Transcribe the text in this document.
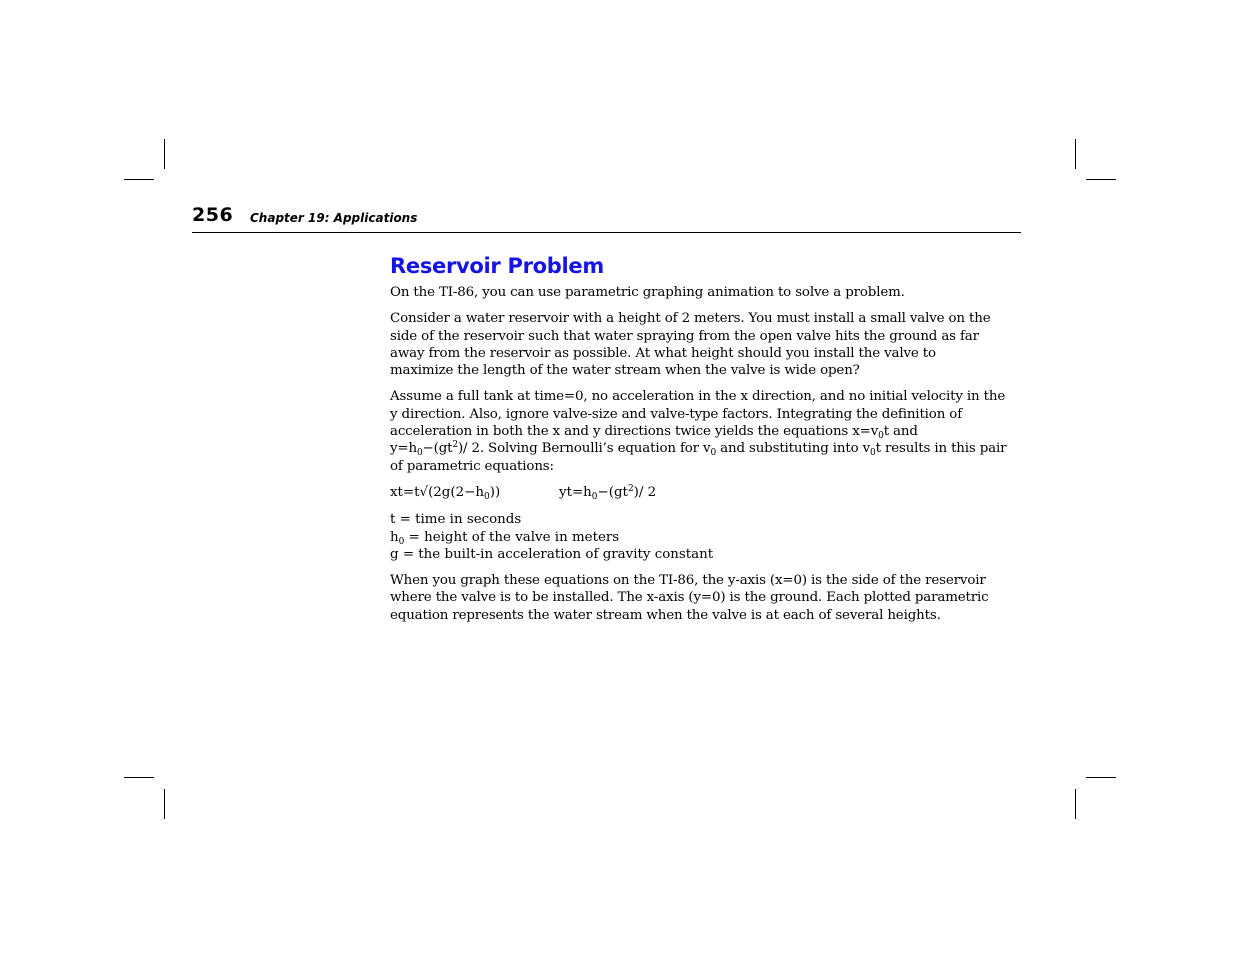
256 Chapter 19: Applications
Reservoir Problem

On the TI-86, you can use parametric graphing animation to solve a problem.

Consider a water reservoir with a height of 2 meters. You must install a small valve on the
side of the reservoir such that water spraying from the open valve hits the ground as far
away from the reservoir as possible. At what height should you install the valve to
maximize the length of the water stream when the valve is wide open?

Assume a full tank at time=0, no acceleration in the x direction, and no initial velocity in the
y direction. Also, ignore valve-size and valve-type factors. Integrating the definition of
acceleration in both the x and y directions twice yields the equations $x=v_0t$ and
$y=h_0-(gt^2)∕$ 2. Solving Bernoulli’s equation for $v_0$ and substituting into $v_0t$ results in this pair
of parametric equations:

$xt=t√(2g(2-h_0))$	$yt=h_0-(gt^2)∕$ 2
t = time in seconds
$h_0$ = height of the valve in meters
g = the built-in acceleration of gravity constant

When you graph these equations on the TI-86, the y-axis (x=0) is the side of the reservoir
where the valve is to be installed. The x-axis (y=0) is the ground. Each plotted parametric
equation represents the water stream when the valve is at each of several heights.
